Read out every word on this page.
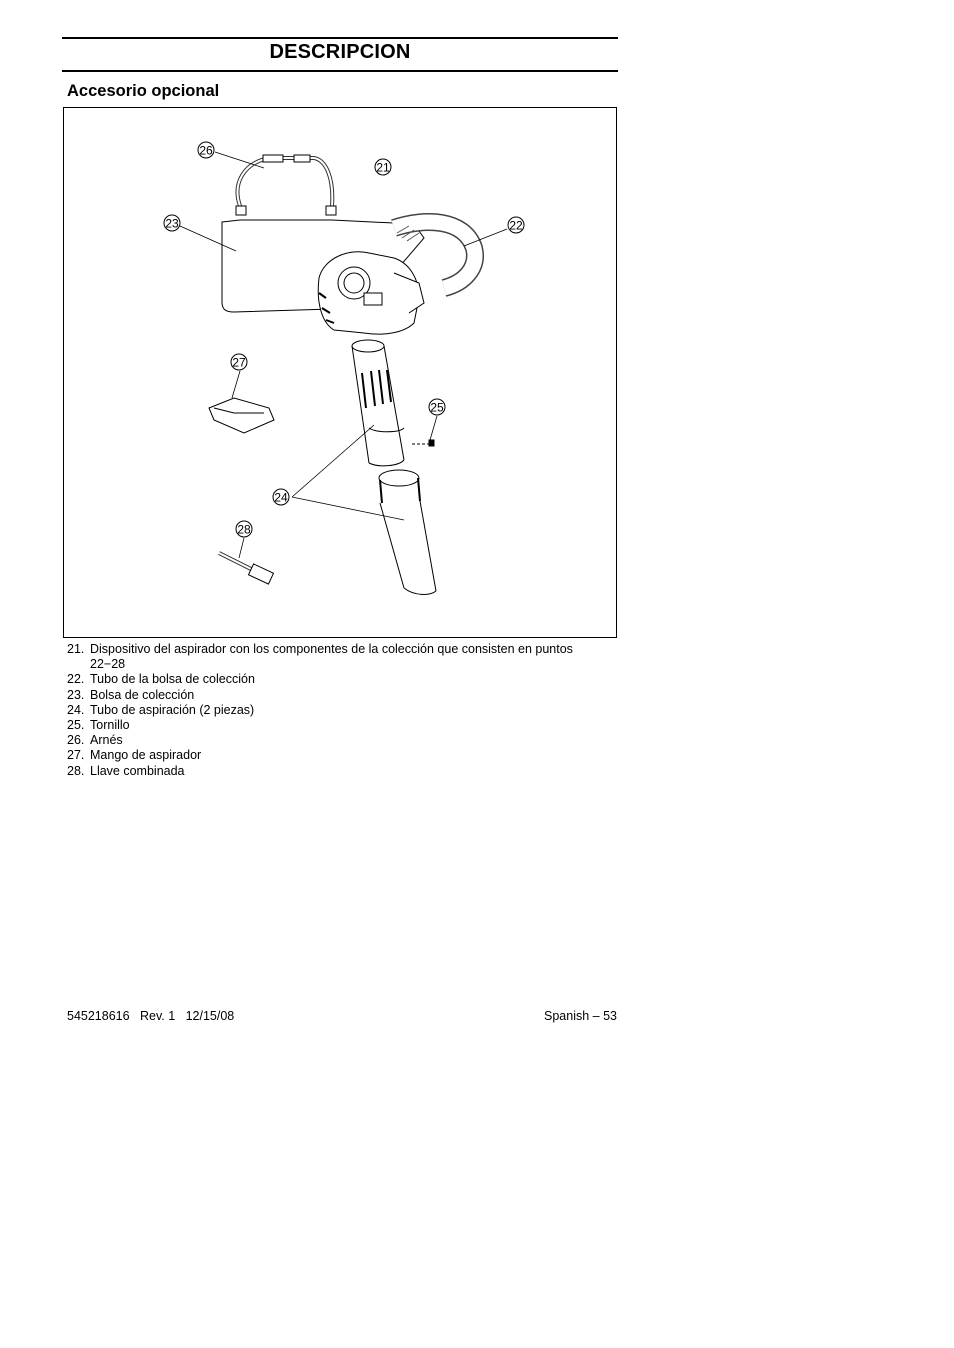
DESCRIPCION
Accesorio opcional
21
22
23
24
25
26
27
28
21. Dispositivo del aspirador con los componentes de la colección que consisten en puntos 22−28
22. Tubo de la bolsa de colección
23. Bolsa de colección
24. Tubo de aspiración (2 piezas)
25. Tornillo
26. Arnés
27. Mango de aspirador
28. Llave combinada
545218616   Rev. 1   12/15/08	Spanish – 53
